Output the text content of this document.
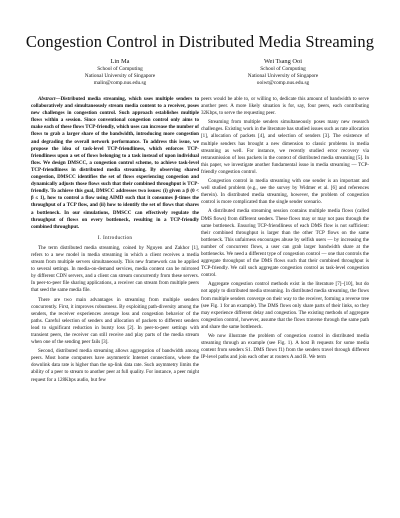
Congestion Control in Distributed Media Streaming
Lin Ma
School of Computing
National University of Singapore
malin@comp.nus.edu.sg
Wei Tsang Ooi
School of Computing
National University of Singapore
ooiwt@comp.nus.edu.sg

Abstract—Distributed media streaming, which uses multiple senders to collaboratively and simultaneously stream media content to a receiver, poses new challenges in congestion control. Such approach establishes multiple flows within a session. Since conventional congestion control only aims to make each of these flows TCP-friendly, which uses can increase the number of flows to grab a larger share of the bandwidth, introducing more congestion and degrading the overall network performance. To address this issue, we propose the idea of task-level TCP-friendliness, which enforces TCP-friendliness upon a set of flows belonging to a task instead of upon individual flow. We design DMSCC, a congestion control scheme, to achieve task-level TCP-friendliness in distributed media streaming. By observing shared congestion, DMSCC identifies the set of flows experiencing congestion and dynamically adjusts those flows such that their combined throughput is TCP-friendly. To achieve this goal, DMSCC addresses two issues: (i) given a β (0 < β ≤ 1), how to control a flow using AIMD such that it consumes β-times the throughput of a TCP flow, and (ii) how to identify the set of flows that shares a bottleneck. In our simulations, DMSCC can effectively regulate the throughput of flows on every bottleneck, resulting in a TCP-friendly combined throughput.

I. Introduction

The term distributed media streaming, coined by Nguyen and Zakhor [1], refers to a new model in media streaming in which a client receives a media stream from multiple servers simultaneously. This new framework can be applied to several settings. In media-on-demand services, media content can be mirrored by different CDN servers, and a client can stream concurrently from these servers. In peer-to-peer file sharing applications, a receiver can stream from multiple peers that seed the same media file.

There are two main advantages in streaming from multiple senders concurrently. First, it improves robustness. By exploiting path-diversity among the senders, the receiver experiences average loss and congestion behavior of the paths. Careful selection of senders and allocation of packets to different senders lead to significant reduction in bursty loss [2]. In peer-to-peer settings with transient peers, the receiver can still receive and play parts of the media stream when one of the sending peer fails [3].

Second, distributed media streaming allows aggregation of bandwidth among peers. Most home computers have asymmetric Internet connections, where the downlink data rate is higher than the up-link data rate. Such asymmetry limits the ability of a peer to stream to another peer at full quality. For instance, a peer might request for a 128Kbps audio, but few

peers would be able to, or willing to, dedicate this amount of bandwidth to serve another peer. A more likely situation is for, say, four peers, each contributing 32Kbps, to serve the requesting peer.

Streaming from multiple senders simultaneously poses many new research challenges. Existing work in the literature has studied issues such as rate allocation [1], allocation of packets [4], and selection of senders [3]. The existence of multiple senders has brought a new dimension to classic problems in media streaming as well. For instance, we recently studied error recovery via retransmission of loss packets in the context of distributed media streaming [5]. In this paper, we investigate another fundamental issue in media streaming — TCP-friendly congestion control.

Congestion control in media streaming with one sender is an important and well studied problem (e.g., see the survey by Widmer et al. [6] and references therein). In distributed media streaming, however, the problem of congestion control is more complicated than the single sender scenario.

A distributed media streaming session contains multiple media flows (called DMS flows) from different senders. These flows may or may not pass through the same bottleneck. Ensuring TCP-friendliness of each DMS flow is not sufficient: their combined throughput is larger than the other TCP flows on the same bottleneck. This unfairness encourages abuse by selfish users — by increasing the number of concurrent flows, a user can grab larger bandwidth share at the bottlenecks. We need a different type of congestion control — one that controls the aggregate throughput of the DMS flows such that their combined throughput is TCP-friendly. We call such aggregate congestion control as task-level congestion control.

Aggregate congestion control methods exist in the literature [7]–[10], but do not apply to distributed media streaming. In distributed media streaming, the flows from multiple senders converge on their way to the receiver, forming a reverse tree (see Fig. 1 for an example). The DMS flows only share parts of their links, so they may experience different delay and congestion. The existing methods of aggregate congestion control, however, assume that the flows traverse through the same path and share the same bottleneck.

We now illustrate the problem of congestion control in distributed media streaming through an example (see Fig. 1). A host B requests for some media content from senders S1. DMS flows f1) from the senders travel through different IP-level paths and join each other at routers A and B. We term
